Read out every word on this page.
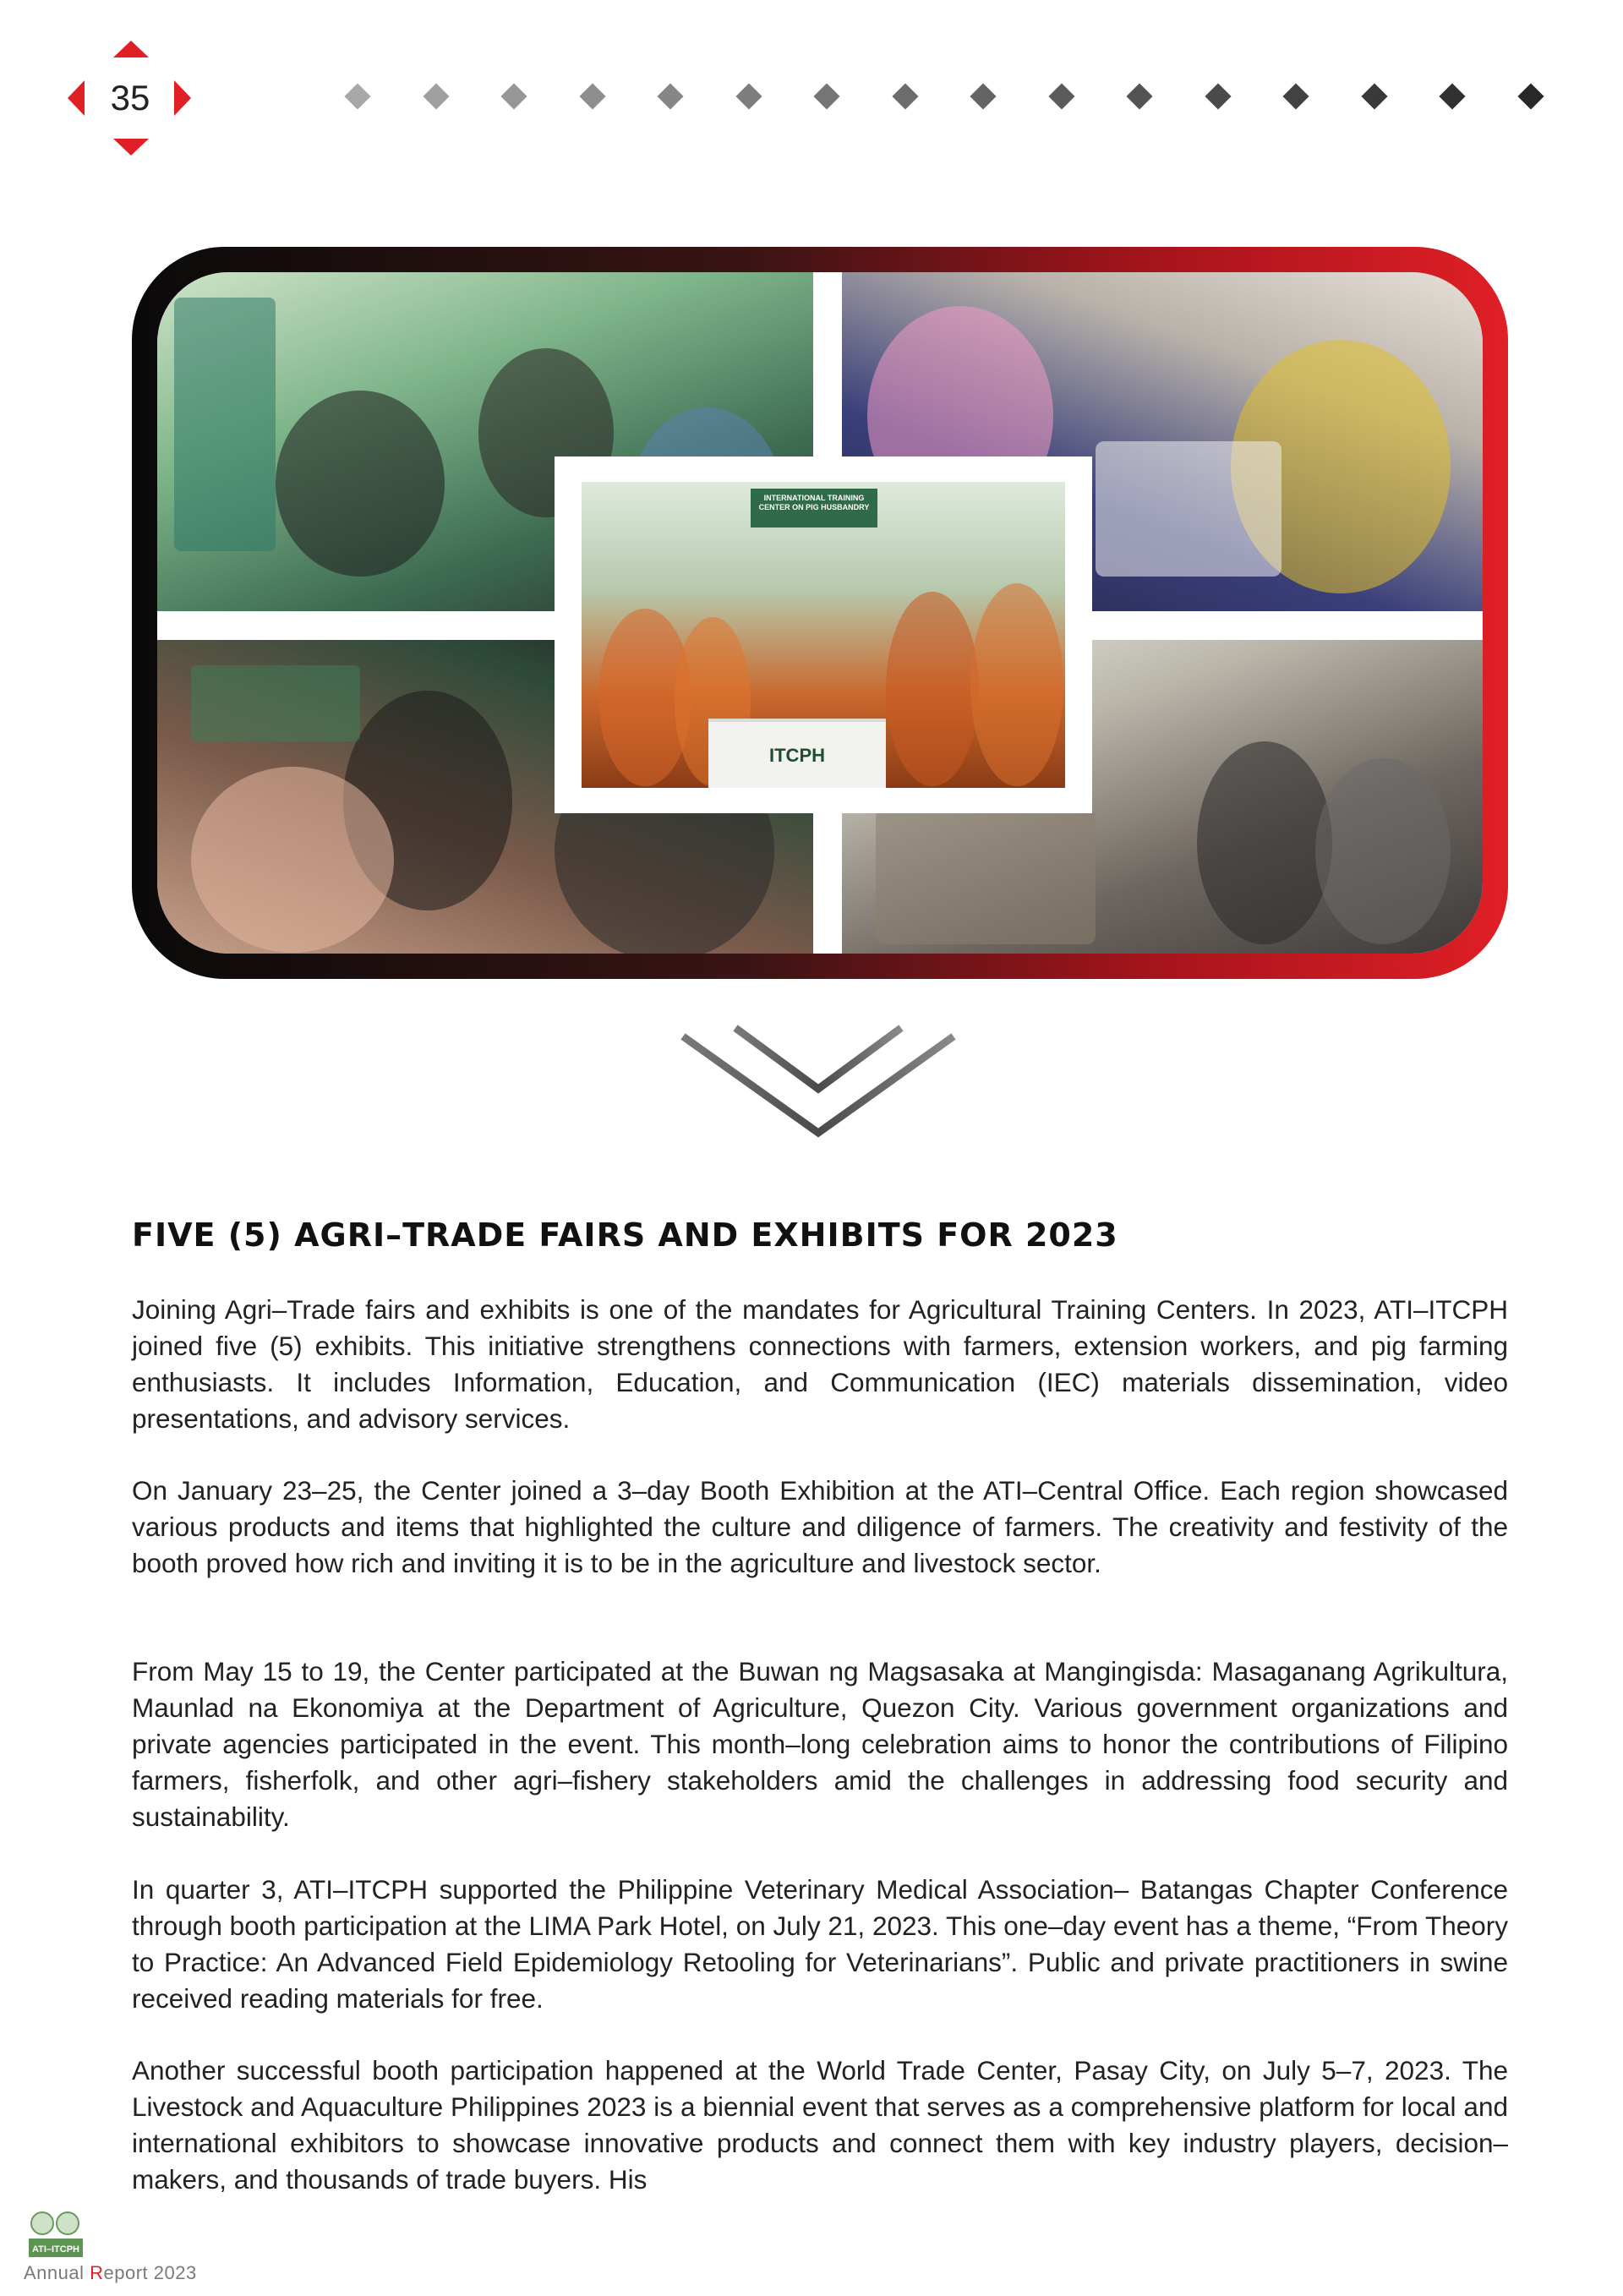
35
INTERNATIONAL TRAINING CENTER ON PIG HUSBANDRY
ITCPH
FIVE (5) AGRI–TRADE FAIRS AND EXHIBITS FOR 2023

Joining Agri–Trade fairs and exhibits is one of the mandates for Agricultural Training Centers. In 2023, ATI–ITCPH joined five (5) exhibits. This initiative strengthens connections with farmers, extension workers, and pig farming enthusiasts. It includes Information, Education, and Communication (IEC) materials dissemination, video presentations, and advisory services.

On January 23–25, the Center joined a 3–day Booth Exhibition at the ATI–Central Office. Each region showcased various products and items that highlighted the culture and diligence of farmers. The creativity and festivity of the booth proved how rich and inviting it is to be in the agriculture and livestock sector.

From May 15 to 19, the Center participated at the Buwan ng Magsasaka at Mangingisda: Masaganang Agrikultura, Maunlad na Ekonomiya at the Department of Agriculture, Quezon City. Various government organizations and private agencies participated in the event. This month–long celebration aims to honor the contributions of Filipino farmers, fisherfolk, and other agri–fishery stakeholders amid the challenges in addressing food security and sustainability.

In quarter 3, ATI–ITCPH supported the Philippine Veterinary Medical Association– Batangas Chapter Conference through booth participation at the LIMA Park Hotel, on July 21, 2023. This one–day event has a theme, “From Theory to Practice: An Advanced Field Epidemiology Retooling for Veterinarians”. Public and private practitioners in swine received reading materials for free.

Another successful booth participation happened at the World Trade Center, Pasay City, on July 5–7, 2023. The Livestock and Aquaculture Philippines 2023 is a biennial event that serves as a comprehensive platform for local and international exhibitors to showcase innovative products and connect them with key industry players, decision–makers, and thousands of trade buyers. His

ATI–ITCPH
Annual Report 2023
